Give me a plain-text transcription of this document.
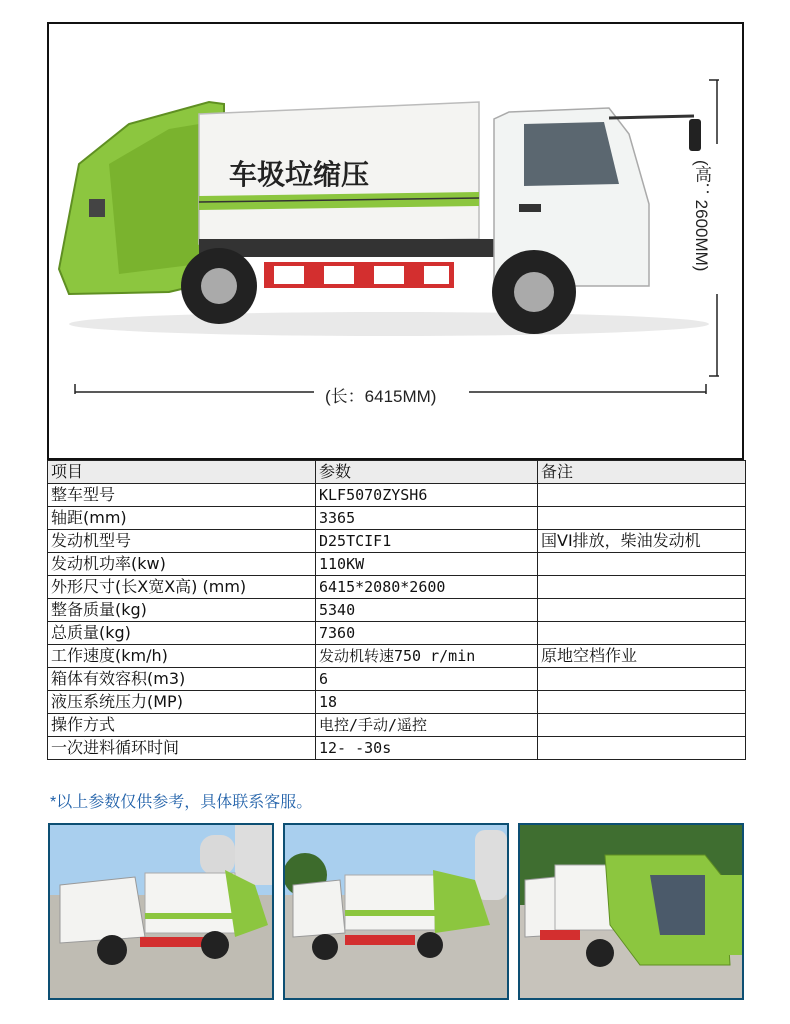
车圾垃缩压
(长：6415MM)
(高：2600MM)
项目	参数	备注
整车型号	KLF5070ZYSH6	
轴距(mm)	3365	
发动机型号	D25TCIF1	国VI排放，柴油发动机
发动机功率(kw)	110KW	
外形尺寸(长X宽X高) (mm)	6415*2080*2600	
整备质量(kg)	5340	
总质量(kg)	7360	
工作速度(km/h)	发动机转速750 r/min	原地空档作业
箱体有效容积(m3)	6	
液压系统压力(MP)	18	
操作方式	电控/手动/遥控	
一次进料循环时间	12- -30s	
*以上参数仅供参考，具体联系客服。
